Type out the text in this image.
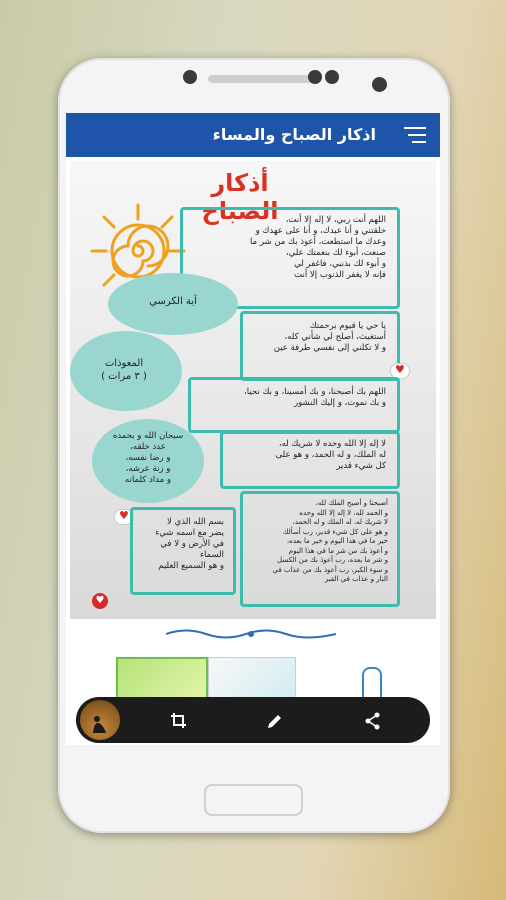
اذكار الصباح والمساء
أذكار الصباح	اللهم أنت ربي، لا إله إلا أنت،
خلقتني و أنا عبدك، و أنا على عهدك و
وعدك ما استطعت، أعوذ بك من شر ما
صنعت، أبوء لك بنعمتك علي،
و أبوء لك بذنبي، فاغفر لي
فإنه لا يغفر الذنوب إلا أنت
آية الكرسي
يا حي يا قيوم برحمتك
أستغيث، أصلح لي شأني كله،
و لا تكلني إلى نفسي طرفة عين
المعوذات
( ٣ مرات )
♥
اللهم بك أصبحنا، و بك أمسينا، و بك نحيا،
و بك نموت، و إليك النشور
لا إله إلا الله وحده لا شريك له،
له الملك، و له الحمد، و هو على
كل شيء قدير
سبحان الله و بحمده
عدد خلقه،
و رضا نفسه،
و زنة عرشه،
و مداد كلماته
♥	بسم الله الذي لا
يضر مع اسمه شيء
في الأرض و لا في
السماء
و هو السميع العليم
أصبحنا و أصبح الملك لله،
و الحمد لله، لا إله إلا الله وحده
لا شريك له، له الملك و له الحمد،
و هو على كل شيء قدير، رب أسألك
خير ما في هذا اليوم و خير ما بعده،
و أعوذ بك من شر ما في هذا اليوم
و شر ما بعده، رب أعوذ بك من الكسل
و سوء الكبر، رب أعوذ بك من عذاب في
النار و عذاب في القبر
♥
